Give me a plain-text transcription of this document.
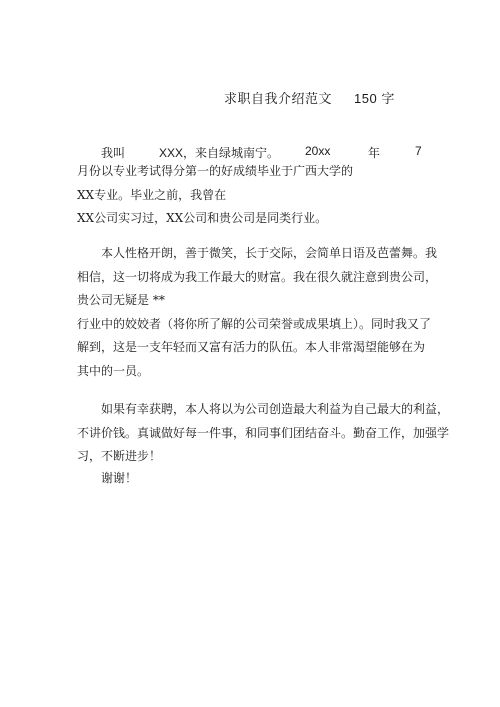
求职自我介绍范文 150 字
我叫	XXX，来自绿城南宁。 20xx	年	7
月份以专业考试得分第一的好成绩毕业于广西大学的
XX专业。毕业之前，我曾在
XX公司实习过，XX公司和贵公司是同类行业。
本人性格开朗，善于微笑，长于交际，会简单日语及芭蕾舞。我
相信，这一切将成为我工作最大的财富。我在很久就注意到贵公司，
贵公司无疑是 **
行业中的姣姣者（将你所了解的公司荣誉或成果填上）。同时我又了
解到，这是一支年轻而又富有活力的队伍。本人非常渴望能够在为
其中的一员。
如果有幸获聘，本人将以为公司创造最大利益为自己最大的利益，
不讲价钱。真诚做好每一件事，和同事们团结奋斗。勤奋工作，加强学
习，不断进步！
谢谢！
